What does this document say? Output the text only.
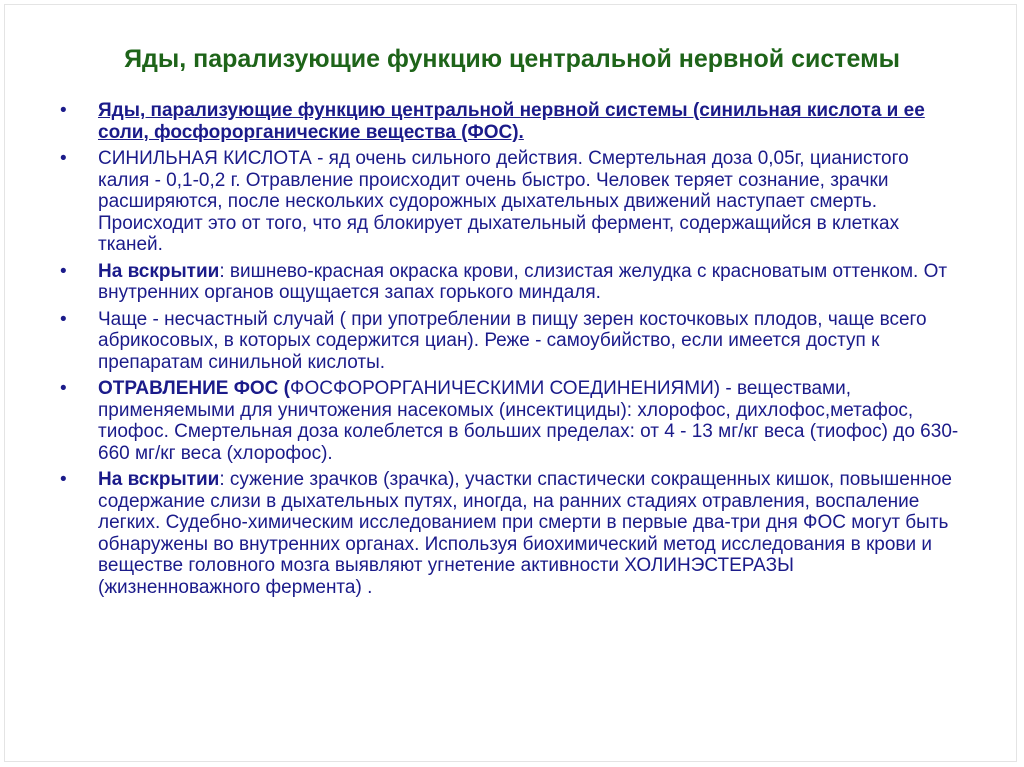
Яды, парализующие функцию центральной нервной системы
•	Яды, парализующие функцию центральной нервной системы (синильная кислота и ее соли, фосфорорганические вещества (ФОС).
•	СИНИЛЬНАЯ КИСЛОТА - яд очень сильного действия. Смертельная доза 0,05г, цианистого калия - 0,1-0,2 г. Отравление происходит очень быстро. Человек теряет сознание, зрачки расширяются, после нескольких судорожных дыхательных движений наступает смерть. Происходит это от того, что яд блокирует дыхательный фермент, содержащийся в клетках тканей.
•	На вскрытии: вишнево-красная окраска крови, слизистая желудка с красноватым оттенком. От внутренних органов ощущается запах горького миндаля.
•	Чаще - несчастный случай ( при употреблении в пищу зерен косточковых плодов, чаще всего абрикосовых, в которых содержится циан). Реже - самоубийство, если имеется доступ к препаратам синильной кислоты.
•	ОТРАВЛЕНИЕ ФОС (ФОСФОРОРГАНИЧЕСКИМИ СОЕДИНЕНИЯМИ) - веществами, применяемыми для уничтожения насекомых (инсектициды): хлорофос, дихлофос,метафос, тиофос. Смертельная доза колеблется в больших пределах: от 4 - 13 мг/кг веса (тиофос) до 630-660 мг/кг веса (хлорофос).
•	На вскрытии: сужение зрачков (зрачка), участки спастически сокращенных кишок, повышенное содержание слизи в дыхательных путях, иногда, на ранних стадиях отравления, воспаление легких. Судебно-химическим исследованием при смерти в первые два-три дня ФОС могут быть обнаружены во внутренних органах. Используя биохимический метод исследования в крови и веществе головного мозга выявляют угнетение активности ХОЛИНЭСТЕРАЗЫ (жизненноважного фермента) .
